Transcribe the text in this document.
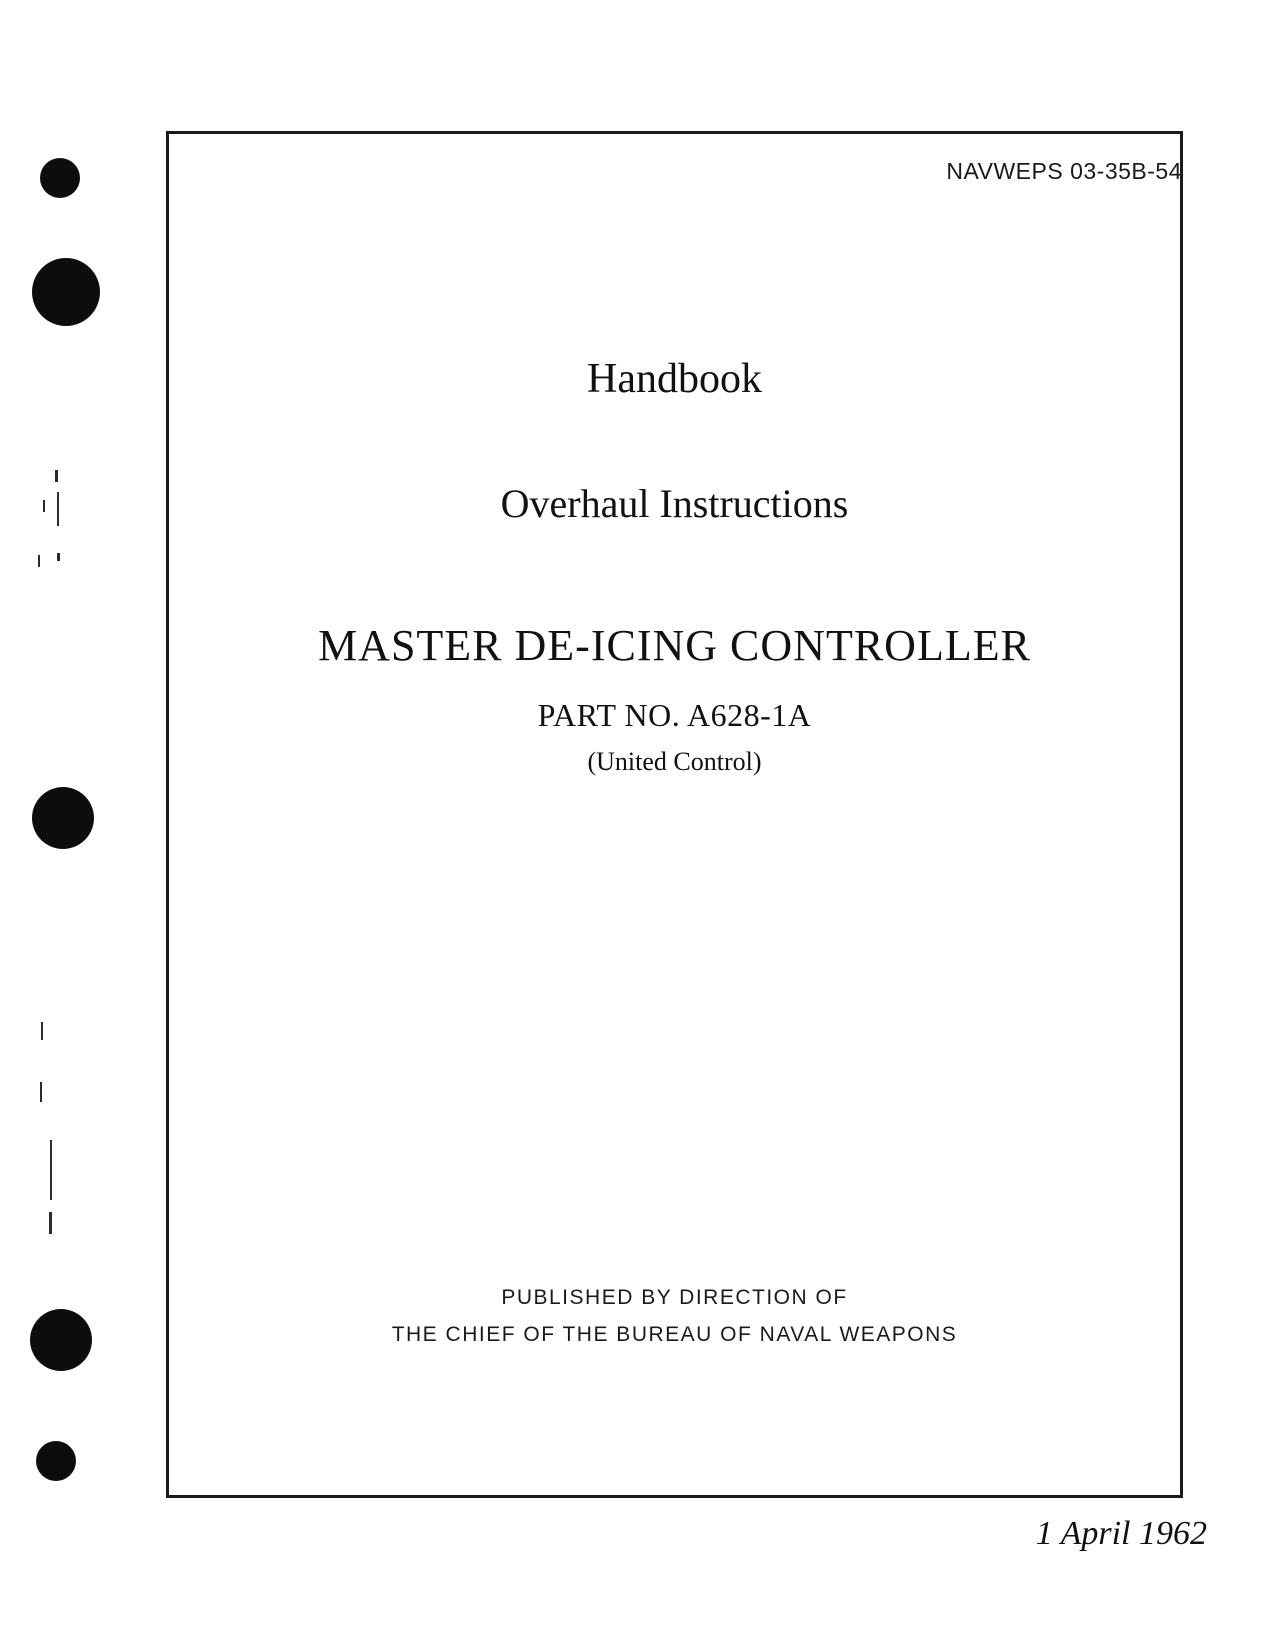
NAVWEPS 03-35B-54
Handbook
Overhaul Instructions
MASTER DE-ICING CONTROLLER
PART NO. A628-1A
(United Control)
PUBLISHED BY DIRECTION OF
THE CHIEF OF THE BUREAU OF NAVAL WEAPONS
1 April 1962
